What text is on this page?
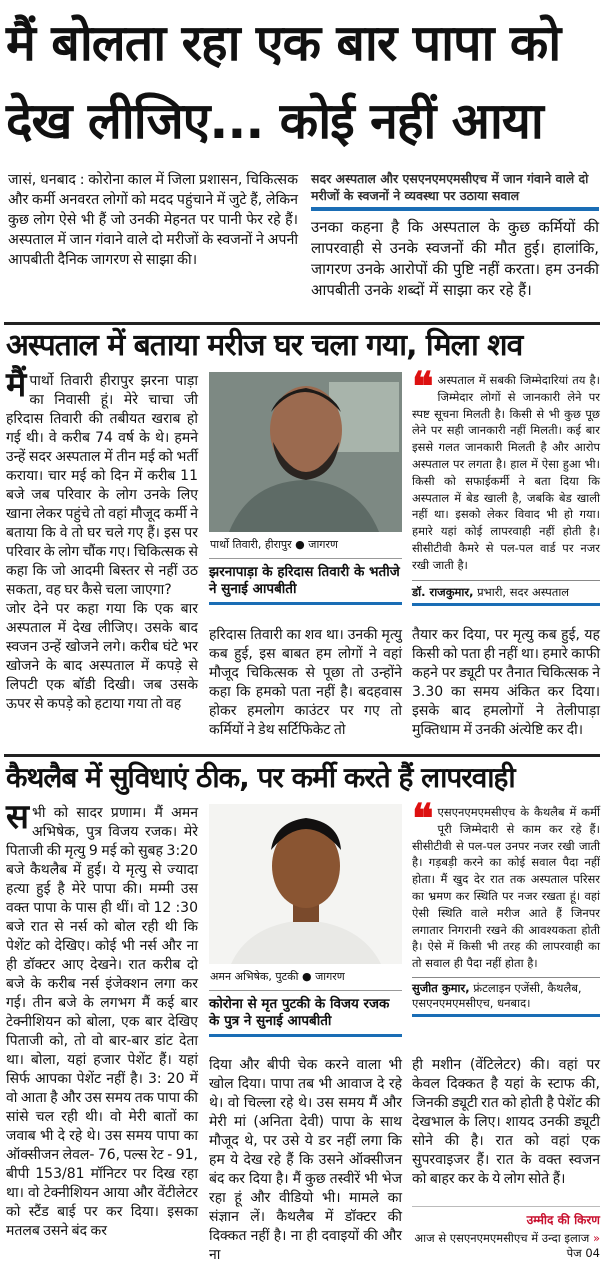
मैं बोलता रहा एक बार पापा को
देख लीजिए... कोई नहीं आया

जासं, धनबाद : कोरोना काल में जिला प्रशासन, चिकित्सक और कर्मी अनवरत लोगों को मदद पहुंचाने में जुटे हैं, लेकिन कुछ लोग ऐसे भी हैं जो उनकी मेहनत पर पानी फेर रहे हैं। अस्पताल में जान गंवाने वाले दो मरीजों के स्वजनों ने अपनी आपबीती दैनिक जागरण से साझा की।

सदर अस्पताल और एसएनएमएमसीएच में जान गंवाने वाले दो मरीजों के स्वजनों ने व्यवस्था पर उठाया सवाल
उनका कहना है कि अस्पताल के कुछ कर्मियों की लापरवाही से उनके स्वजनों की मौत हुई। हालांकि, जागरण उनके आरोपों की पुष्टि नहीं करता। हम उनकी आपबीती उनके शब्दों में साझा कर रहे हैं।
अस्पताल में बताया मरीज घर चला गया, मिला शव

मैंपार्थो तिवारी हीरापुर झरना पाड़ा का निवासी हूं। मेरे चाचा जी हरिदास तिवारी की तबीयत खराब हो गई थी। वे करीब 74 वर्ष के थे। हमने उन्हें सदर अस्पताल में तीन मई को भर्ती कराया। चार मई को दिन में करीब 11 बजे जब परिवार के लोग उनके लिए खाना लेकर पहुंचे तो वहां मौजूद कर्मी ने बताया कि वे तो घर चले गए हैं। इस पर परिवार के लोग चौंक गए। चिकित्सक से कहा कि जो आदमी बिस्तर से नहीं उठ सकता, वह घर कैसे चला जाएगा?

जोर देने पर कहा गया कि एक बार अस्पताल में देख लीजिए। उसके बाद स्वजन उन्हें खोजने लगे। करीब घंटे भर खोजने के बाद अस्पताल में कपड़े से लिपटी एक बॉडी दिखी। जब उसके ऊपर से कपड़े को हटाया गया तो वह

पार्थो तिवारी, हीरापुर ● जागरण
झरनापाड़ा के हरिदास तिवारी के भतीजे ने सुनाई आपबीती

हरिदास तिवारी का शव था। उनकी मृत्यु कब हुई, इस बाबत हम लोगों ने वहां मौजूद चिकित्सक से पूछा तो उन्होंने कहा कि हमको पता नहीं है। बदहवास होकर हमलोग काउंटर पर गए तो कर्मियों ने डेथ सर्टिफिकेट तो

❝ अस्पताल में सबकी जिम्मेदारियां तय है। जिम्मेदार लोगों से जानकारी लेने पर स्पष्ट सूचना मिलती है। किसी से भी कुछ पूछ लेने पर सही जानकारी नहीं मिलती। कई बार इससे गलत जानकारी मिलती है और आरोप अस्पताल पर लगता है। हाल में ऐसा हुआ भी। किसी को सफाईकर्मी ने बता दिया कि अस्पताल में बेड खाली है, जबकि बेड खाली नहीं था। इसको लेकर विवाद भी हो गया। हमारे यहां कोई लापरवाही नहीं होती है। सीसीटीवी कैमरे से पल-पल वार्ड पर नजर रखी जाती है।
डॉ. राजकुमार, प्रभारी, सदर अस्पताल

तैयार कर दिया, पर मृत्यु कब हुई, यह किसी को पता ही नहीं था। हमारे काफी कहने पर ड्यूटी पर तैनात चिकित्सक ने 3.30 का समय अंकित कर दिया। इसके बाद हमलोगों ने तेलीपाड़ा मुक्तिधाम में उनकी अंत्येष्टि कर दी।

कैथलैब में सुविधाएं ठीक, पर कर्मी करते हैं लापरवाही

सभी को सादर प्रणाम। मैं अमन अभिषेक, पुत्र विजय रजक। मेरे पिताजी की मृत्यु 9 मई को सुबह 3:20 बजे कैथलैब में हुई। ये मृत्यु से ज्यादा हत्या हुई है मेरे पापा की। मम्मी उस वक्त पापा के पास ही थीं। वो 12 :30 बजे रात से नर्स को बोल रही थी कि पेशेंट को देखिए। कोई भी नर्स और ना ही डॉक्टर आए देखने। रात करीब दो बजे के करीब नर्स इंजेक्शन लगा कर गई। तीन बजे के लगभग मैं कई बार टेक्नीशियन को बोला, एक बार देखिए पिताजी को, तो वो बार-बार डांट देता था। बोला, यहां हजार पेशेंट हैं। यहां सिर्फ आपका पेशेंट नहीं है। 3: 20 में वो आता है और उस समय तक पापा की सांसे चल रही थी। वो मेरी बातों का जवाब भी दे रहे थे। उस समय पापा का ऑक्सीजन लेवल- 76, पल्स रेट - 91, बीपी 153/81 मॉनिटर पर दिख रहा था। वो टेक्नीशियन आया और वेंटीलेटर को स्टैंड बाई पर कर दिया। इसका मतलब उसने बंद कर

अमन अभिषेक, पुटकी ● जागरण
कोरोना से मृत पुटकी के विजय रजक के पुत्र ने सुनाई आपबीती

दिया और बीपी चेक करने वाला भी खोल दिया। पापा तब भी आवाज दे रहे थे। वो चिल्ला रहे थे। उस समय मैं और मेरी मां (अनिता देवी) पापा के साथ मौजूद थे, पर उसे ये डर नहीं लगा कि हम ये देख रहे हैं कि उसने ऑक्सीजन बंद कर दिया है। मैं कुछ तस्वीरें भी भेज रहा हूं और वीडियो भी। मामले का संज्ञान लें। कैथलैब में डॉक्टर की दिक्कत नहीं है। ना ही दवाइयों की और ना

❝ एसएनएमएमसीएच के कैथलैब में कर्मी पूरी जिम्मेदारी से काम कर रहे हैं। सीसीटीवी से पल-पल उनपर नजर रखी जाती है। गड़बड़ी करने का कोई सवाल पैदा नहीं होता। मैं खुद देर रात तक अस्पताल परिसर का भ्रमण कर स्थिति पर नजर रखता हूं। वहां ऐसी स्थिति वाले मरीज आते हैं जिनपर लगातार निगरानी रखने की आवश्यकता होती है। ऐसे में किसी भी तरह की लापरवाही का तो सवाल ही पैदा नहीं होता है।
सुजीत कुमार, फ्रंटलाइन एजेंसी, कैथलैब, एसएनएमएमसीएच, धनबाद।

ही मशीन (वेंटिलेटर) की। वहां पर केवल दिक्कत है यहां के स्टाफ की, जिनकी ड्यूटी रात को होती है पेशेंट की देखभाल के लिए। शायद उनकी ड्यूटी सोने की है। रात को वहां एक सुपरवाइजर हैं। रात के वक्त स्वजन को बाहर कर के ये लोग सोते हैं।

उम्मीद की किरण
आज से एसएनएमएमसीएच में उन्दा इलाज » पेज 04
